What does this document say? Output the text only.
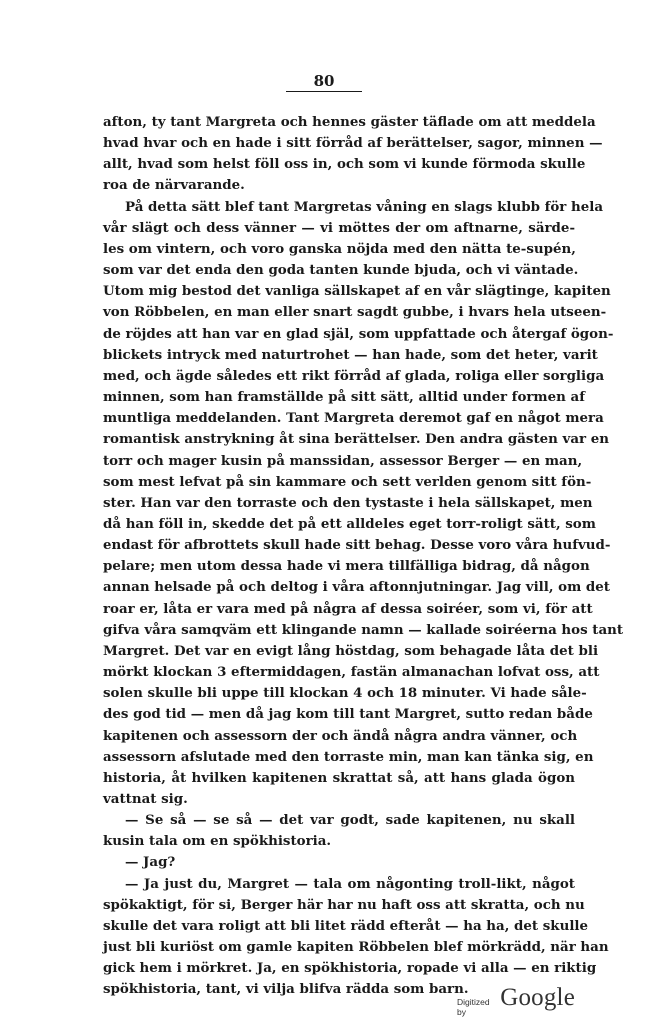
80
afton, ty tant Margreta och hennes gäster täflade om att meddela
hvad hvar och en hade i sitt förråd af berättelser, sagor, minnen —
allt, hvad som helst föll oss in, och som vi kunde förmoda skulle
roa de närvarande.
På detta sätt blef tant Margretas våning en slags klubb för hela
vår slägt och dess vänner — vi möttes der om aftnarne, särde-
les om vintern, och voro ganska nöjda med den nätta te-supén,
som var det enda den goda tanten kunde bjuda, och vi väntade.
Utom mig bestod det vanliga sällskapet af en vår slägtinge, kapiten
von Röbbelen, en man eller snart sagdt gubbe, i hvars hela utseen-
de röjdes att han var en glad själ, som uppfattade och återgaf ögon-
blickets intryck med naturtrohet — han hade, som det heter, varit
med, och ägde således ett rikt förråd af glada, roliga eller sorgliga
minnen, som han framställde på sitt sätt, alltid under formen af
muntliga meddelanden. Tant Margreta deremot gaf en något mera
romantisk anstrykning åt sina berättelser. Den andra gästen var en
torr och mager kusin på manssidan, assessor Berger — en man,
som mest lefvat på sin kammare och sett verlden genom sitt fön-
ster. Han var den torraste och den tystaste i hela sällskapet, men
då han föll in, skedde det på ett alldeles eget torr-roligt sätt, som
endast för afbrottets skull hade sitt behag. Desse voro våra hufvud-
pelare; men utom dessa hade vi mera tillfälliga bidrag, då någon
annan helsade på och deltog i våra aftonnjutningar. Jag vill, om det
roar er, låta er vara med på några af dessa soiréer, som vi, för att
gifva våra samqväm ett klingande namn — kallade soiréerna hos tant
Margret. Det var en evigt lång höstdag, som behagade låta det bli
mörkt klockan 3 eftermiddagen, fastän almanachan lofvat oss, att
solen skulle bli uppe till klockan 4 och 18 minuter. Vi hade såle-
des god tid — men då jag kom till tant Margret, sutto redan både
kapitenen och assessorn der och ändå några andra vänner, och
assessorn afslutade med den torraste min, man kan tänka sig, en
historia, åt hvilken kapitenen skrattat så, att hans glada ögon
vattnat sig.
— Se så — se så — det var godt, sade kapitenen, nu skall
kusin tala om en spökhistoria.
— Jag?
— Ja just du, Margret — tala om någonting troll-likt, något
spökaktigt, för si, Berger här har nu haft oss att skratta, och nu
skulle det vara roligt att bli litet rädd efteråt — ha ha, det skulle
just bli kuriöst om gamle kapiten Röbbelen blef mörkrädd, när han
gick hem i mörkret. Ja, en spökhistoria, ropade vi alla — en riktig
spökhistoria, tant, vi vilja blifva rädda som barn.
Digitized by
Google
